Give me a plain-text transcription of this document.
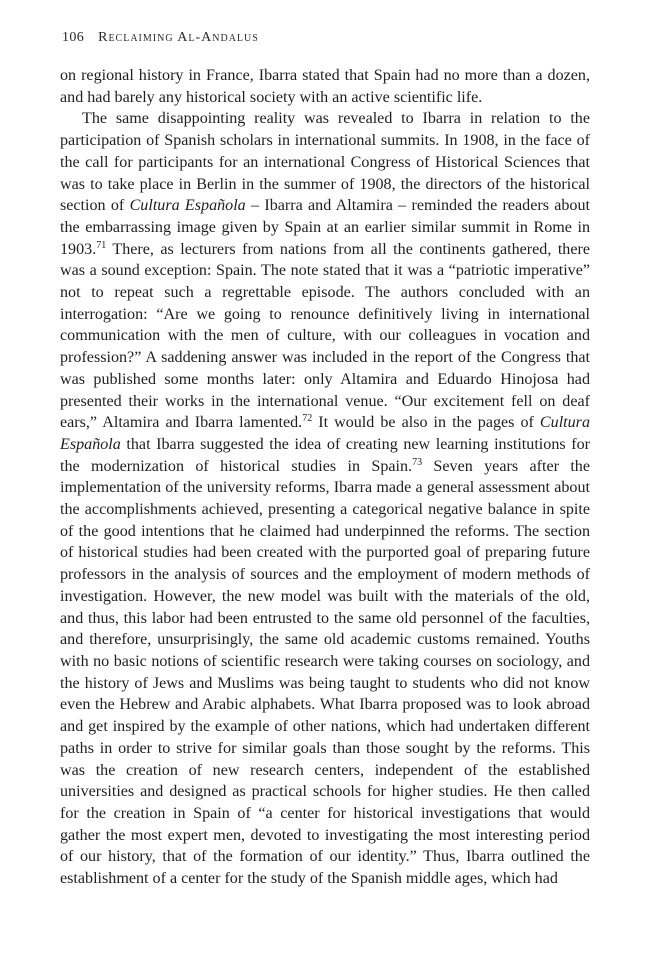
106 Reclaiming Al-Andalus

on regional history in France, Ibarra stated that Spain had no more than a dozen, and had barely any historical society with an active scientific life.

The same disappointing reality was revealed to Ibarra in relation to the participation of Spanish scholars in international summits. In 1908, in the face of the call for participants for an international Congress of Historical Sciences that was to take place in Berlin in the summer of 1908, the directors of the historical section of Cultura Española – Ibarra and Altamira – reminded the readers about the embarrassing image given by Spain at an earlier similar summit in Rome in 1903.71 There, as lecturers from nations from all the continents gathered, there was a sound exception: Spain. The note stated that it was a “patriotic imperative” not to repeat such a regrettable episode. The authors concluded with an interrogation: “Are we going to renounce definitively living in international communication with the men of culture, with our colleagues in vocation and profession?” A saddening answer was included in the report of the Congress that was published some months later: only Altamira and Eduardo Hinojosa had presented their works in the international venue. “Our excitement fell on deaf ears,” Altamira and Ibarra lamented.$^{72}$ It would be also in the pages of Cultura Española that Ibarra suggested the idea of creating new learning institutions for the modernization of historical studies in Spain.$^{73}$ Seven years after the implementation of the university reforms, Ibarra made a general assessment about the accomplishments achieved, presenting a categorical negative balance in spite of the good intentions that he claimed had underpinned the reforms. The section of historical studies had been created with the purported goal of preparing future professors in the analysis of sources and the employment of modern methods of investigation. However, the new model was built with the materials of the old, and thus, this labor had been entrusted to the same old personnel of the faculties, and therefore, unsurprisingly, the same old academic customs remained. Youths with no basic notions of scientific research were taking courses on sociology, and the history of Jews and Muslims was being taught to students who did not know even the Hebrew and Arabic alphabets. What Ibarra proposed was to look abroad and get inspired by the example of other nations, which had undertaken different paths in order to strive for similar goals than those sought by the reforms. This was the creation of new research centers, independent of the established universities and designed as practical schools for higher studies. He then called for the creation in Spain of “a center for historical investigations that would gather the most expert men, devoted to investigating the most interesting period of our history, that of the formation of our identity.” Thus, Ibarra outlined the establishment of a center for the study of the Spanish middle ages, which had
